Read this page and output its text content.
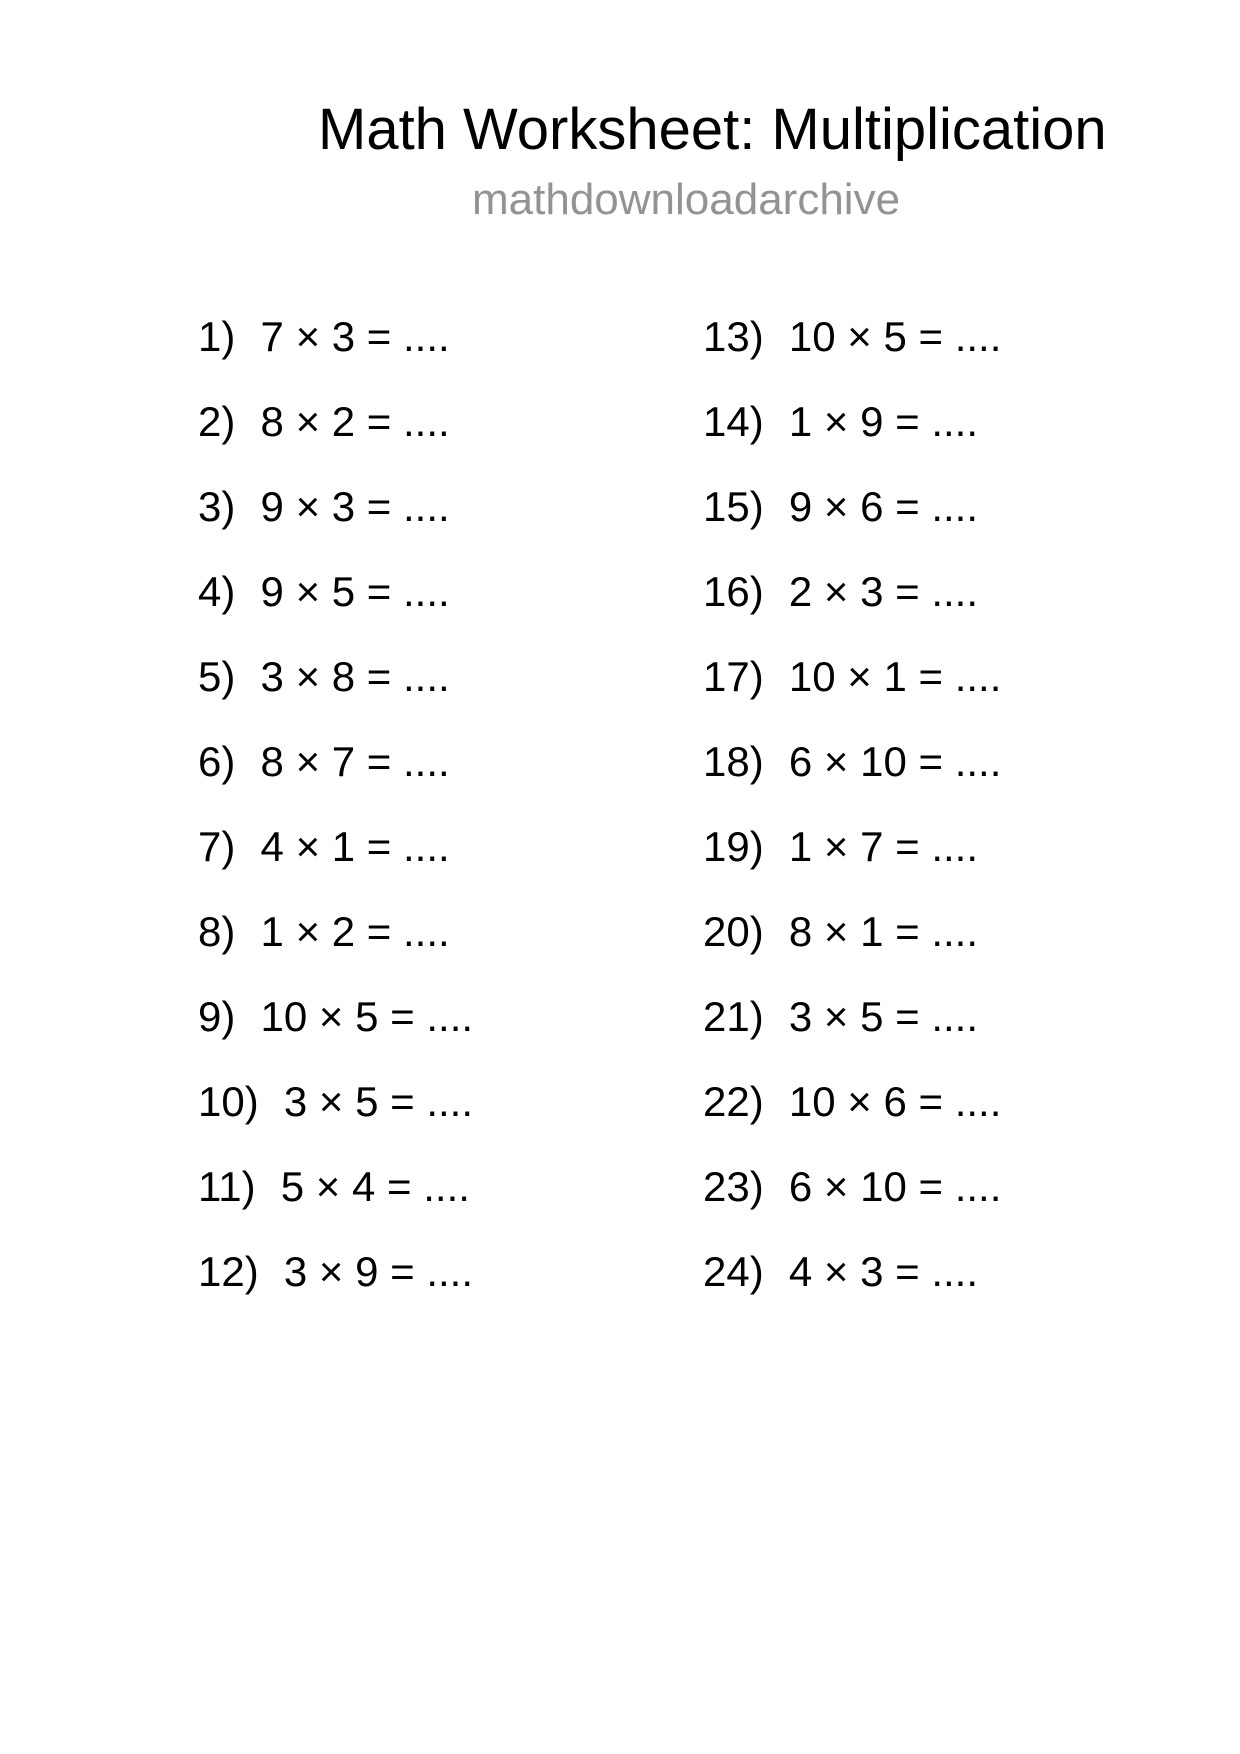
Math Worksheet: Multiplication
mathdownloadarchive
1) 7 × 3 = ....
2) 8 × 2 = ....
3) 9 × 3 = ....
4) 9 × 5 = ....
5) 3 × 8 = ....
6) 8 × 7 = ....
7) 4 × 1 = ....
8) 1 × 2 = ....
9) 10 × 5 = ....
10) 3 × 5 = ....
11) 5 × 4 = ....
12) 3 × 9 = ....
13) 10 × 5 = ....
14) 1 × 9 = ....
15) 9 × 6 = ....
16) 2 × 3 = ....
17) 10 × 1 = ....
18) 6 × 10 = ....
19) 1 × 7 = ....
20) 8 × 1 = ....
21) 3 × 5 = ....
22) 10 × 6 = ....
23) 6 × 10 = ....
24) 4 × 3 = ....
